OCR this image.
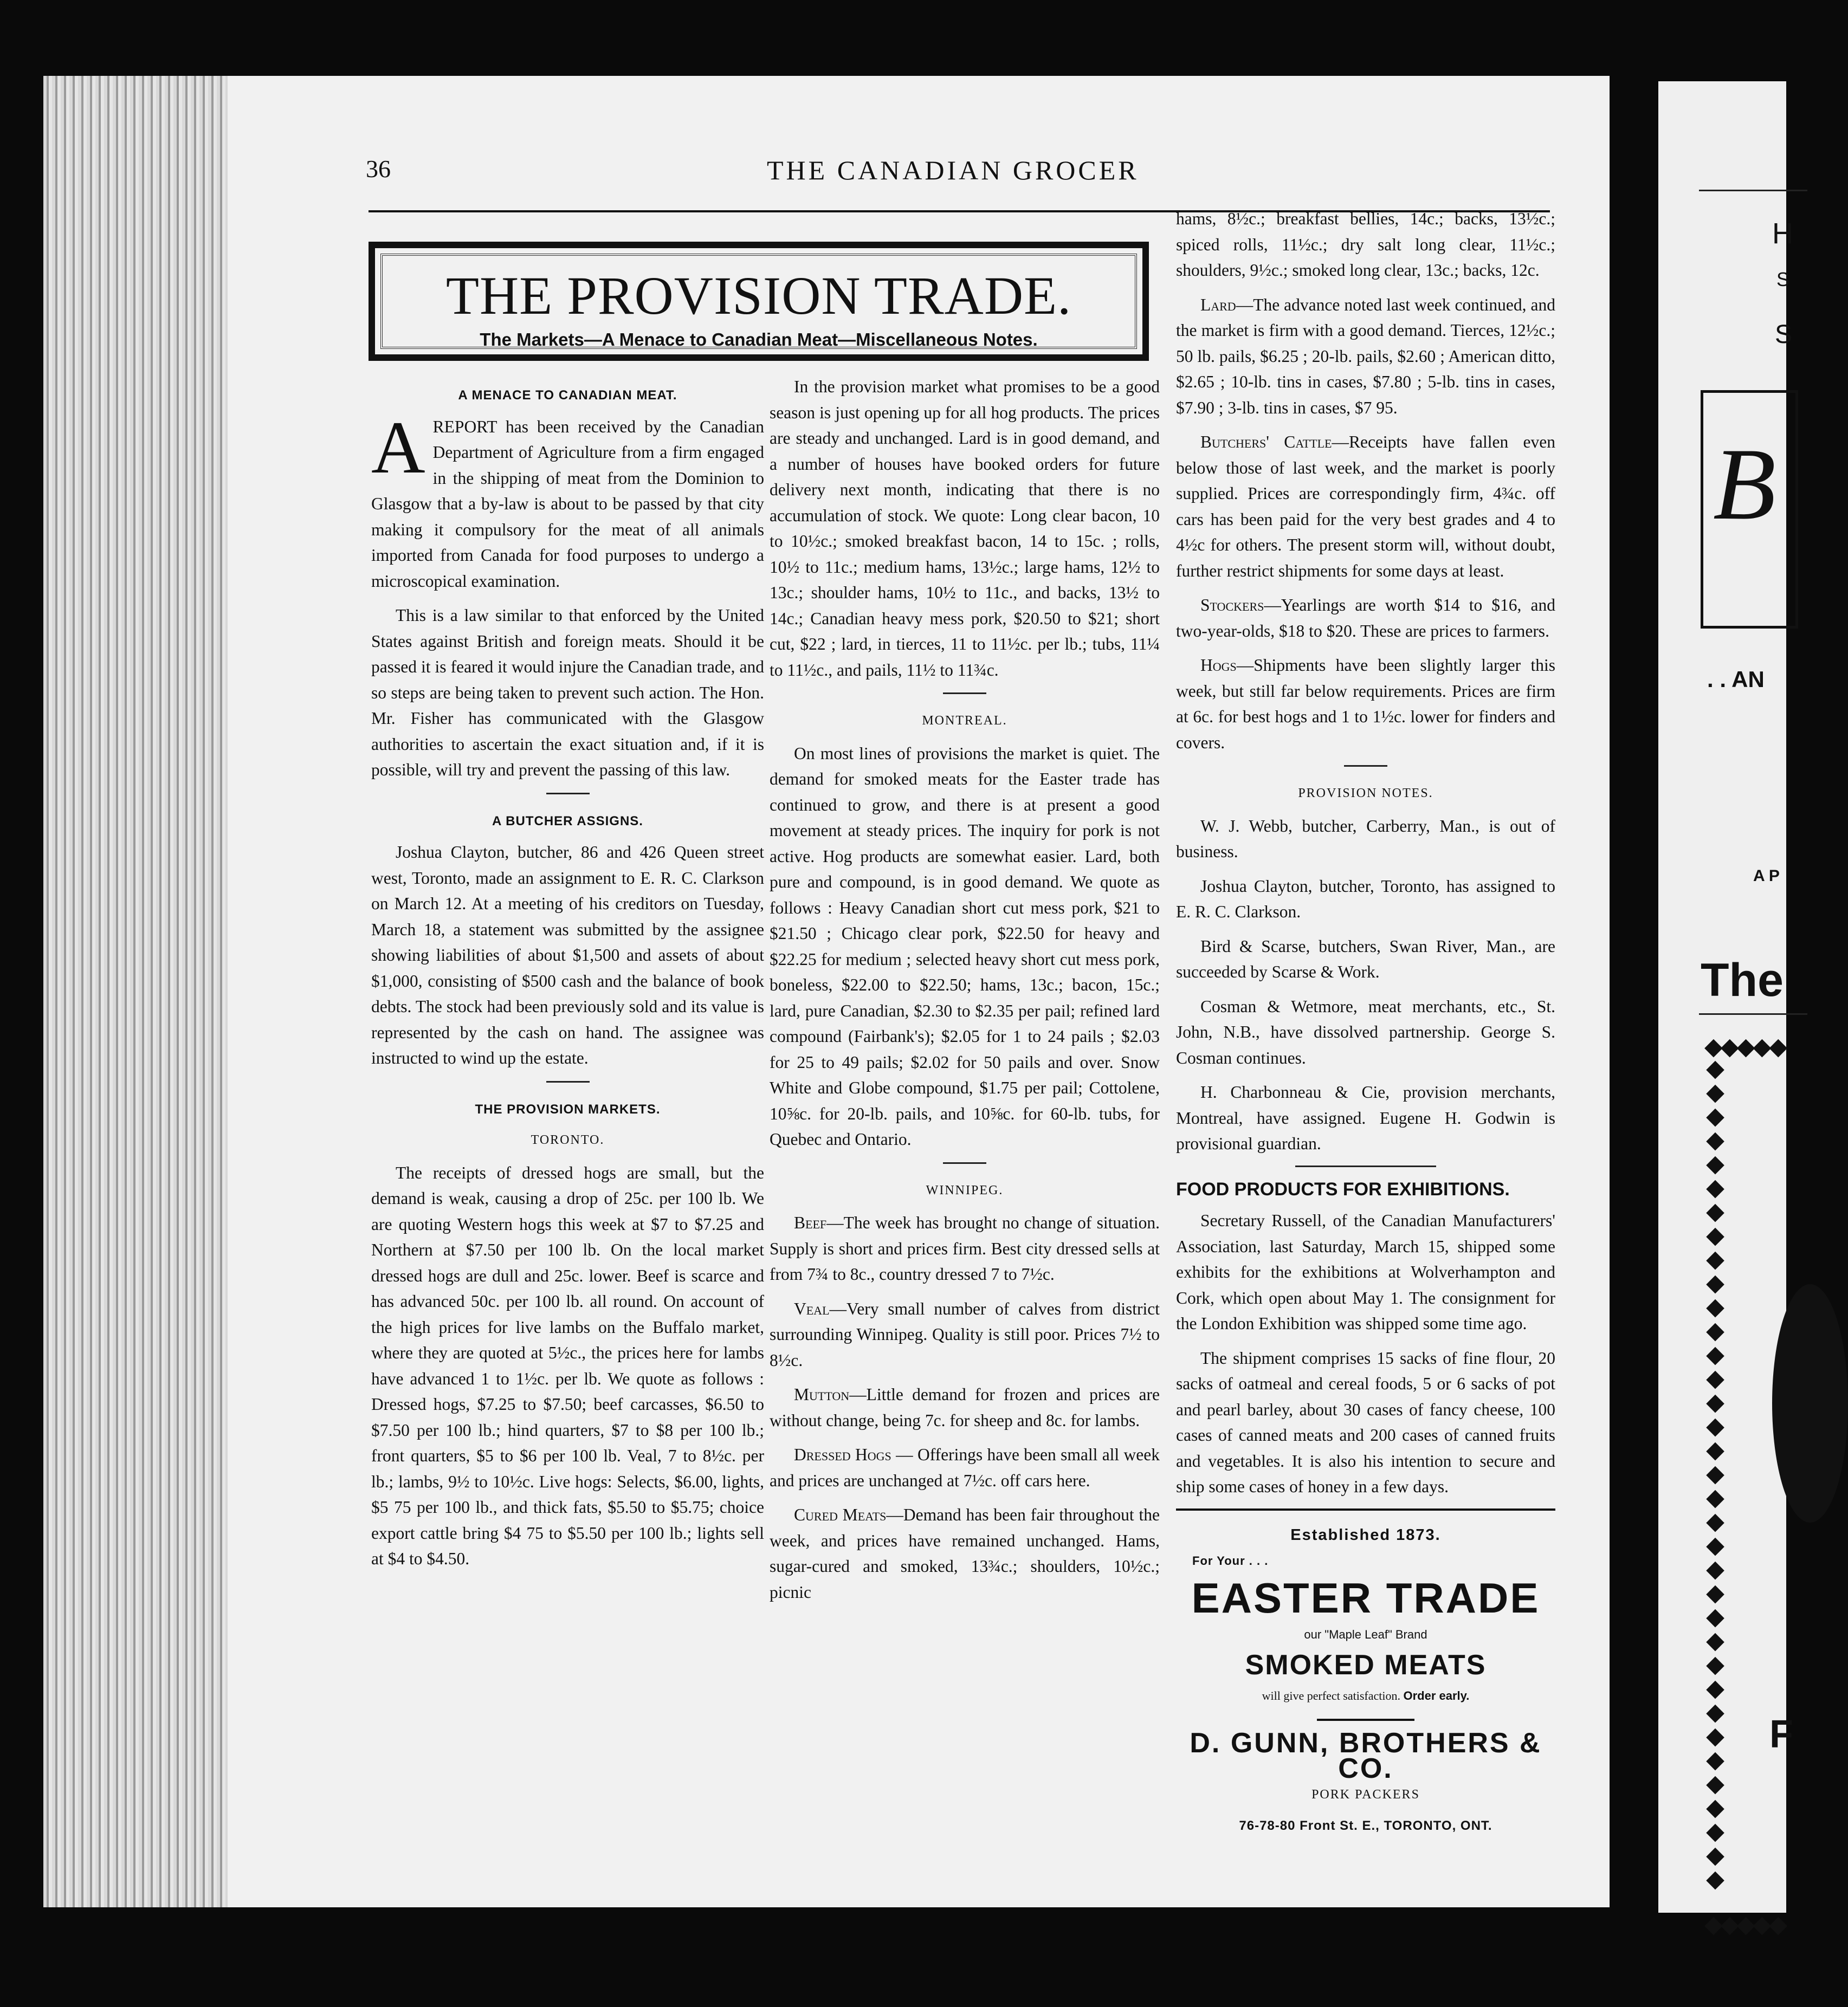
36	THE CANADIAN GROCER
THE PROVISION TRADE.
The Markets—A Menace to Canadian Meat—Miscellaneous Notes.
A MENACE TO CANADIAN MEAT.

AREPORT has been received by the Canadian Department of Agriculture from a firm engaged in the shipping of meat from the Dominion to Glasgow that a by-law is about to be passed by that city making it compulsory for the meat of all animals imported from Canada for food purposes to undergo a microscopical examination.

This is a law similar to that enforced by the United States against British and foreign meats. Should it be passed it is feared it would injure the Canadian trade, and so steps are being taken to prevent such action. The Hon. Mr. Fisher has communicated with the Glasgow authorities to ascertain the exact situation and, if it is possible, will try and prevent the passing of this law.

A BUTCHER ASSIGNS.

Joshua Clayton, butcher, 86 and 426 Queen street west, Toronto, made an assignment to E. R. C. Clarkson on March 12. At a meeting of his creditors on Tuesday, March 18, a statement was submitted by the assignee showing liabilities of about $1,500 and assets of about $1,000, consisting of $500 cash and the balance of book debts. The stock had been previously sold and its value is represented by the cash on hand. The assignee was instructed to wind up the estate.

THE PROVISION MARKETS.
TORONTO.

The receipts of dressed hogs are small, but the demand is weak, causing a drop of 25c. per 100 lb. We are quoting Western hogs this week at $7 to $7.25 and Northern at $7.50 per 100 lb. On the local market dressed hogs are dull and 25c. lower. Beef is scarce and has advanced 50c. per 100 lb. all round. On account of the high prices for live lambs on the Buffalo market, where they are quoted at 5½c., the prices here for lambs have advanced 1 to 1½c. per lb. We quote as follows : Dressed hogs, $7.25 to $7.50; beef carcasses, $6.50 to $7.50 per 100 lb.; hind quarters, $7 to $8 per 100 lb.; front quarters, $5 to $6 per 100 lb. Veal, 7 to 8½c. per lb.; lambs, 9½ to 10½c. Live hogs: Selects, $6.00, lights, $5 75 per 100 lb., and thick fats, $5.50 to $5.75; choice export cattle bring $4 75 to $5.50 per 100 lb.; lights sell at $4 to $4.50.

In the provision market what promises to be a good season is just opening up for all hog products. The prices are steady and unchanged. Lard is in good demand, and a number of houses have booked orders for future delivery next month, indicating that there is no accumulation of stock. We quote: Long clear bacon, 10 to 10½c.; smoked breakfast bacon, 14 to 15c. ; rolls, 10½ to 11c.; medium hams, 13½c.; large hams, 12½ to 13c.; shoulder hams, 10½ to 11c., and backs, 13½ to 14c.; Canadian heavy mess pork, $20.50 to $21; short cut, $22 ; lard, in tierces, 11 to 11½c. per lb.; tubs, 11¼ to 11½c., and pails, 11½ to 11¾c.

MONTREAL.

On most lines of provisions the market is quiet. The demand for smoked meats for the Easter trade has continued to grow, and there is at present a good movement at steady prices. The inquiry for pork is not active. Hog products are somewhat easier. Lard, both pure and compound, is in good demand. We quote as follows : Heavy Canadian short cut mess pork, $21 to $21.50 ; Chicago clear pork, $22.50 for heavy and $22.25 for medium ; selected heavy short cut mess pork, boneless, $22.00 to $22.50; hams, 13c.; bacon, 15c.; lard, pure Canadian, $2.30 to $2.35 per pail; refined lard compound (Fairbank's); $2.05 for 1 to 24 pails ; $2.03 for 25 to 49 pails; $2.02 for 50 pails and over. Snow White and Globe compound, $1.75 per pail; Cottolene, 10⅝c. for 20-lb. pails, and 10⅝c. for 60-lb. tubs, for Quebec and Ontario.

WINNIPEG.

Beef—The week has brought no change of situation. Supply is short and prices firm. Best city dressed sells at from 7¾ to 8c., country dressed 7 to 7½c.

Veal—Very small number of calves from district surrounding Winnipeg. Quality is still poor. Prices 7½ to 8½c.

Mutton—Little demand for frozen and prices are without change, being 7c. for sheep and 8c. for lambs.

Dressed Hogs — Offerings have been small all week and prices are unchanged at 7½c. off cars here.

Cured Meats—Demand has been fair throughout the week, and prices have remained unchanged. Hams, sugar-cured and smoked, 13¾c.; shoulders, 10½c.; picnic

hams, 8½c.; breakfast bellies, 14c.; backs, 13½c.; spiced rolls, 11½c.; dry salt long clear, 11½c.; shoulders, 9½c.; smoked long clear, 13c.; backs, 12c.

Lard—The advance noted last week continued, and the market is firm with a good demand. Tierces, 12½c.; 50 lb. pails, $6.25 ; 20-lb. pails, $2.60 ; American ditto, $2.65 ; 10-lb. tins in cases, $7.80 ; 5-lb. tins in cases, $7.90 ; 3-lb. tins in cases, $7 95.

Butchers' Cattle—Receipts have fallen even below those of last week, and the market is poorly supplied. Prices are correspondingly firm, 4¾c. off cars has been paid for the very best grades and 4 to 4½c for others. The present storm will, without doubt, further restrict shipments for some days at least.

Stockers—Yearlings are worth $14 to $16, and two-year-olds, $18 to $20. These are prices to farmers.

Hogs—Shipments have been slightly larger this week, but still far below requirements. Prices are firm at 6c. for best hogs and 1 to 1½c. lower for finders and covers.

PROVISION NOTES.

W. J. Webb, butcher, Carberry, Man., is out of business.

Joshua Clayton, butcher, Toronto, has assigned to E. R. C. Clarkson.

Bird & Scarse, butchers, Swan River, Man., are succeeded by Scarse & Work.

Cosman & Wetmore, meat merchants, etc., St. John, N.B., have dissolved partnership. George S. Cosman continues.

H. Charbonneau & Cie, provision merchants, Montreal, have assigned. Eugene H. Godwin is provisional guardian.

FOOD PRODUCTS FOR EXHIBITIONS.

Secretary Russell, of the Canadian Manufacturers' Association, last Saturday, March 15, shipped some exhibits for the exhibitions at Wolverhampton and Cork, which open about May 1. The consignment for the London Exhibition was shipped some time ago.

The shipment comprises 15 sacks of fine flour, 20 sacks of oatmeal and cereal foods, 5 or 6 sacks of pot and pearl barley, about 30 cases of fancy cheese, 100 cases of canned meats and 200 cases of canned fruits and vegetables. It is also his intention to secure and ship some cases of honey in a few days.

Established 1873.
For Your . . .
EASTER TRADE
our "Maple Leaf" Brand
SMOKED MEATS
will give perfect satisfaction. Order early.
D. GUNN, BROTHERS & CO.
PORK PACKERS
76-78-80 Front St. E., TORONTO, ONT.
H
S
S
B
. . AN
A P
The
◆◆◆◆◆
◆
◆
◆
◆
◆
◆
◆
◆
◆
◆
◆
◆
◆
◆
◆
◆
◆
◆
◆
◆
◆
◆
◆
◆
◆
◆
◆
◆
◆
◆
◆
◆
◆
◆
◆
◆◆◆◆◆
F
